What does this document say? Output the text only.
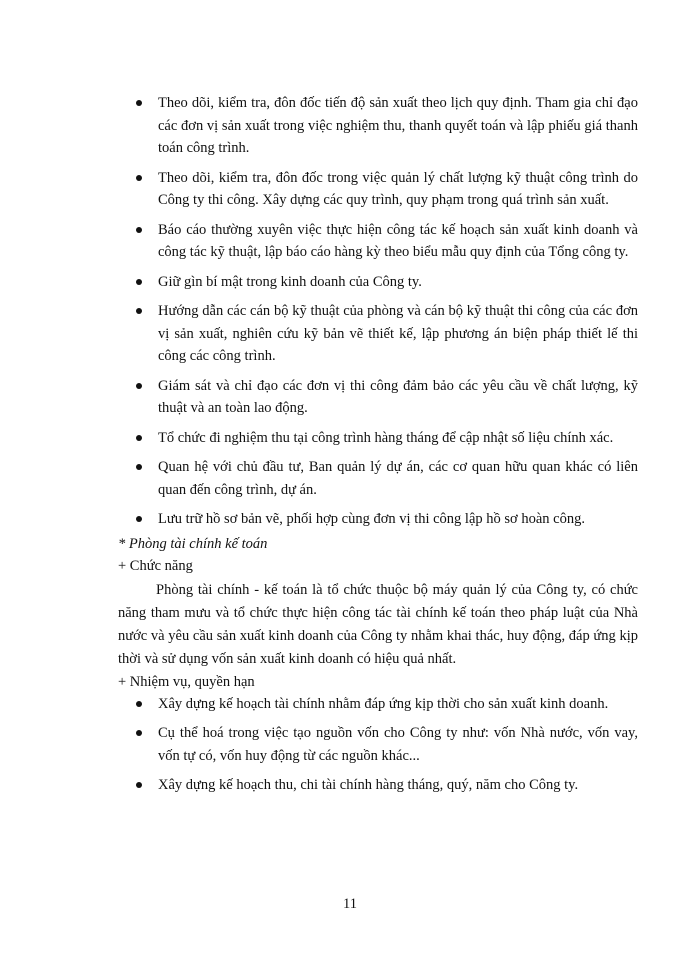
Theo dõi, kiểm tra, đôn đốc tiến độ sản xuất theo lịch quy định. Tham gia chỉ đạo các đơn vị sản xuất trong việc nghiệm thu, thanh quyết toán và lập phiếu giá thanh toán công trình.
Theo dõi, kiểm tra, đôn đốc trong việc quản lý chất lượng kỹ thuật công trình do Công ty thi công. Xây dựng các quy trình, quy phạm trong quá trình sản xuất.
Báo cáo thường xuyên việc thực hiện công tác kế hoạch sản xuất kinh doanh và công tác kỹ thuật, lập báo cáo hàng kỳ theo biểu mẫu quy định của Tổng công ty.
Giữ gìn bí mật trong kinh doanh của Công ty.
Hướng dẫn các cán bộ kỹ thuật của phòng và cán bộ kỹ thuật thi công của các đơn vị sản xuất, nghiên cứu kỹ bản vẽ thiết kế, lập phương án biện pháp thiết lế thi công các công trình.
Giám sát và chỉ đạo các đơn vị thi công đảm bảo các yêu cầu về chất lượng, kỹ thuật và an toàn lao động.
Tổ chức đi nghiệm thu tại công trình hàng tháng để cập nhật số liệu chính xác.
Quan hệ với chủ đầu tư, Ban quản lý dự án, các cơ quan hữu quan khác có liên quan đến công trình, dự án.
Lưu trữ hồ sơ bản vẽ, phối hợp cùng đơn vị thi công lập hồ sơ hoàn công.

* Phòng tài chính kế toán

+ Chức năng

Phòng tài chính - kế toán là tổ chức thuộc bộ máy quản lý của Công ty, có chức năng tham mưu và tổ chức thực hiện công tác tài chính kế toán theo pháp luật của Nhà nước và yêu cầu sản xuất kinh doanh của Công ty nhằm khai thác, huy động, đáp ứng kịp thời và sử dụng vốn sản xuất kinh doanh có hiệu quả nhất.

+ Nhiệm vụ, quyền hạn

Xây dựng kế hoạch tài chính nhằm đáp ứng kịp thời cho sản xuất kinh doanh.
Cụ thể hoá trong việc tạo nguồn vốn cho Công ty như: vốn Nhà nước, vốn vay, vốn tự có, vốn huy động từ các nguồn khác...
Xây dựng kế hoạch thu, chi tài chính hàng tháng, quý, năm cho Công ty.
11
